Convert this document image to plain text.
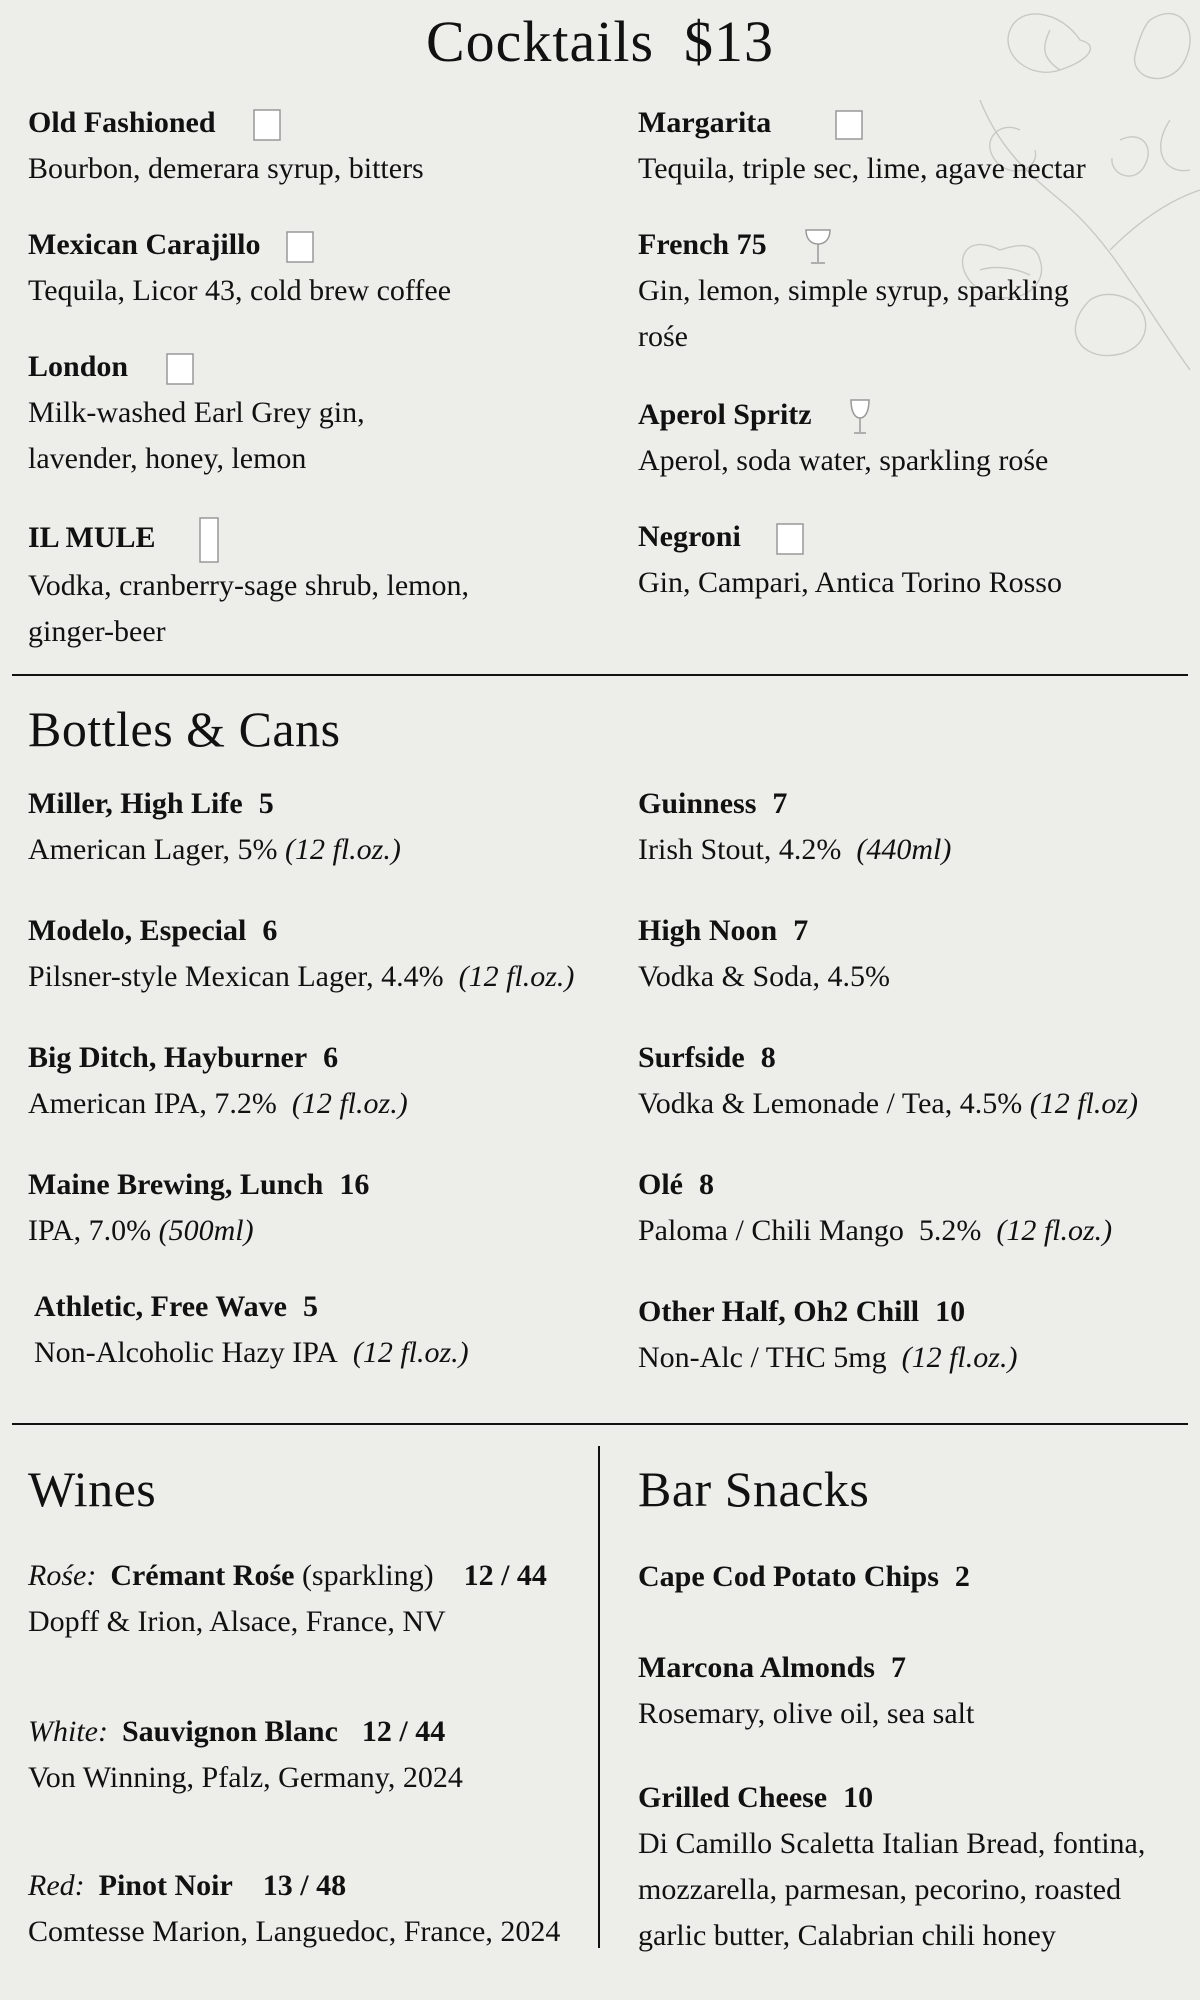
Cocktails $13
Old Fashioned
Bourbon, demerara syrup, bitters
Mexican Carajillo
Tequila, Licor 43, cold brew coffee
London
Milk-washed Earl Grey gin,
lavender, honey, lemon
IL MULE
Vodka, cranberry-sage shrub, lemon,
ginger-beer
Margarita
Tequila, triple sec, lime, agave nectar
French 75
Gin, lemon, simple syrup, sparkling
rośe
Aperol Spritz
Aperol, soda water, sparkling rośe
Negroni
Gin, Campari, Antica Torino Rosso
Bottles & Cans
Miller, High Life 5
American Lager, 5% (12 fl.oz.)
Modelo, Especial 6
Pilsner-style Mexican Lager, 4.4% (12 fl.oz.)
Big Ditch, Hayburner 6
American IPA, 7.2% (12 fl.oz.)
Maine Brewing, Lunch 16
IPA, 7.0% (500ml)
Athletic, Free Wave 5
Non-Alcoholic Hazy IPA (12 fl.oz.)
Guinness 7
Irish Stout, 4.2% (440ml)
High Noon 7
Vodka & Soda, 4.5%
Surfside 8
Vodka & Lemonade / Tea, 4.5% (12 fl.oz)
Olé 8
Paloma / Chili Mango  5.2% (12 fl.oz.)
Other Half, Oh2 Chill 10
Non-Alc / THC 5mg (12 fl.oz.)
Wines
Rośe: Crémant Rośe (sparkling) 12 / 44
Dopff & Irion, Alsace, France, NV
White: Sauvignon Blanc 12 / 44
Von Winning, Pfalz, Germany, 2024
Red: Pinot Noir 13 / 48
Comtesse Marion, Languedoc, France, 2024
Bar Snacks
Cape Cod Potato Chips 2
Marcona Almonds 7
Rosemary, olive oil, sea salt
Grilled Cheese 10
Di Camillo Scaletta Italian Bread, fontina,
mozzarella, parmesan, pecorino, roasted
garlic butter, Calabrian chili honey
